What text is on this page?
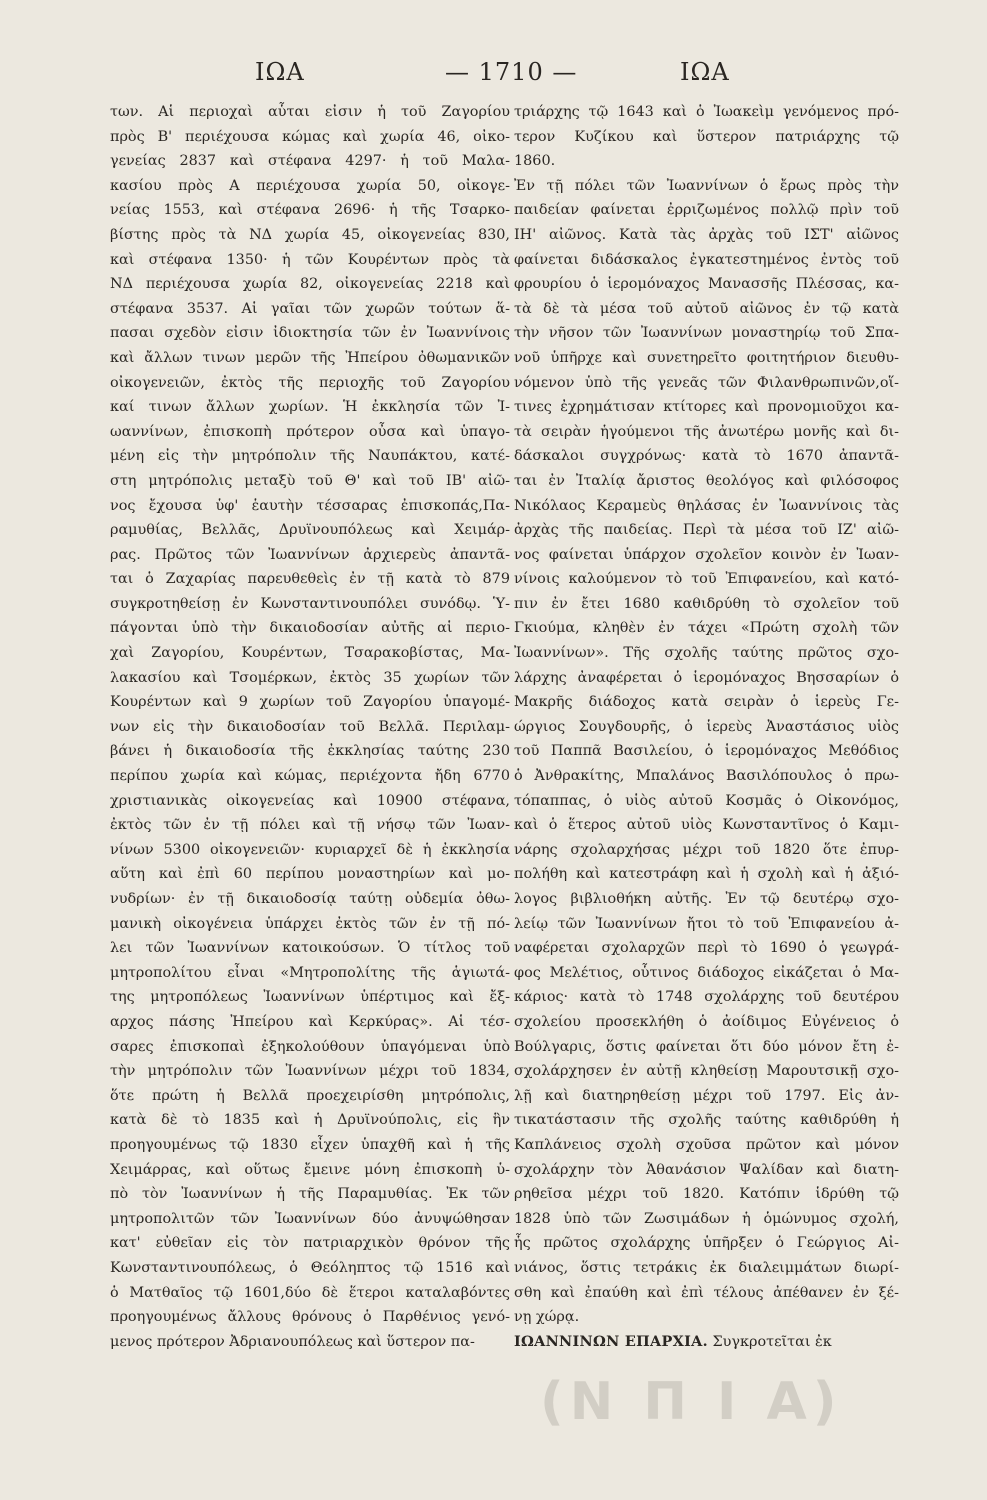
ΙΩΑ	— 1710 —	ΙΩΑ
των. Αἱ περιοχαὶ αὗται εἰσιν ἡ τοῦ Ζαγορίου
πρὸς Β' περιέχουσα κώμας καὶ χωρία 46, οἰκο-
γενείας 2837 καὶ στέφανα 4297· ἡ τοῦ Μαλα-
κασίου πρὸς Α περιέχουσα χωρία 50, οἰκογε-
νείας 1553, καὶ στέφανα 2696· ἡ τῆς Τσαρκο-
βίστης πρὸς τὰ ΝΔ χωρία 45, οἰκογενείας 830,
καὶ στέφανα 1350· ἡ τῶν Κουρέντων πρὸς τὰ
ΝΔ περιέχουσα χωρία 82, οἰκογενείας 2218 καὶ
στέφανα 3537. Αἱ γαῖαι τῶν χωρῶν τούτων ἅ-
πασαι σχεδὸν εἰσιν ἰδιοκτησία τῶν ἐν Ἰωαννίνοις
καὶ ἄλλων τινων μερῶν τῆς Ἠπείρου ὀθωμανικῶν
οἰκογενειῶν, ἐκτὸς τῆς περιοχῆς τοῦ Ζαγορίου
καί τινων ἄλλων χωρίων. Ἡ ἐκκλησία τῶν Ἰ-
ωαννίνων, ἐπισκοπὴ πρότερον οὖσα καὶ ὑπαγο-
μένη εἰς τὴν μητρόπολιν τῆς Ναυπάκτου, κατέ-
στη μητρόπολις μεταξὺ τοῦ Θ' καὶ τοῦ ΙΒ' αἰῶ-
νος ἔχουσα ὑφ' ἑαυτὴν τέσσαρας ἐπισκοπάς,Πα-
ραμυθίας, Βελλᾶς, Δρυϊνουπόλεως καὶ Χειμάρ-
ρας. Πρῶτος τῶν Ἰωαννίνων ἀρχιερεὺς ἀπαντᾶ-
ται ὁ Ζαχαρίας παρευθεθεὶς ἐν τῇ κατὰ τὸ 879
συγκροτηθείσῃ ἐν Κωνσταντινουπόλει συνόδῳ. Ὑ-
πάγονται ὑπὸ τὴν δικαιοδοσίαν αὐτῆς αἱ περιο-
χαὶ Ζαγορίου, Κουρέντων, Τσαρακοβίστας, Μα-
λακασίου καὶ Τσομέρκων, ἐκτὸς 35 χωρίων τῶν
Κουρέντων καὶ 9 χωρίων τοῦ Ζαγορίου ὑπαγομέ-
νων εἰς τὴν δικαιοδοσίαν τοῦ Βελλᾶ. Περιλαμ-
βάνει ἡ δικαιοδοσία τῆς ἐκκλησίας ταύτης 230
περίπου χωρία καὶ κώμας, περιέχοντα ἤδη 6770
χριστιανικὰς οἰκογενείας καὶ 10900 στέφανα,
ἐκτὸς τῶν ἐν τῇ πόλει καὶ τῇ νήσῳ τῶν Ἰωαν-
νίνων 5300 οἰκογενειῶν· κυριαρχεῖ δὲ ἡ ἐκκλησία
αὕτη καὶ ἐπὶ 60 περίπου μοναστηρίων καὶ μο-
νυδρίων· ἐν τῇ δικαιοδοσίᾳ ταύτῃ οὐδεμία ὀθω-
μανικὴ οἰκογένεια ὑπάρχει ἐκτὸς τῶν ἐν τῇ πό-
λει τῶν Ἰωαννίνων κατοικούσων. Ὁ τίτλος τοῦ
μητροπολίτου εἶναι «Μητροπολίτης τῆς ἁγιωτά-
της μητροπόλεως Ἰωαννίνων ὑπέρτιμος καὶ ἔξ-
αρχος πάσης Ἠπείρου καὶ Κερκύρας». Αἱ τέσ-
σαρες ἐπισκοπαὶ ἐξηκολούθουν ὑπαγόμεναι ὑπὸ
τὴν μητρόπολιν τῶν Ἰωαννίνων μέχρι τοῦ 1834,
ὅτε πρώτη ἡ Βελλᾶ προεχειρίσθη μητρόπολις,
κατὰ δὲ τὸ 1835 καὶ ἡ Δρυϊνούπολις, εἰς ἣν
προηγουμένως τῷ 1830 εἶχεν ὑπαχθῆ καὶ ἡ τῆς
Χειμάρρας, καὶ οὕτως ἔμεινε μόνη ἐπισκοπὴ ὑ-
πὸ τὸν Ἰωαννίνων ἡ τῆς Παραμυθίας. Ἐκ τῶν
μητροπολιτῶν τῶν Ἰωαννίνων δύο ἀνυψώθησαν
κατ' εὐθεῖαν εἰς τὸν πατριαρχικὸν θρόνον τῆς
Κωνσταντινουπόλεως, ὁ Θεόληπτος τῷ 1516 καὶ
ὁ Ματθαῖος τῷ 1601,δύο δὲ ἕτεροι καταλαβόντες
προηγουμένως ἄλλους θρόνους ὁ Παρθένιος γενό-
μενος πρότερον Ἀδριανουπόλεως καὶ ὕστερον πα-
τριάρχης τῷ 1643 καὶ ὁ Ἰωακεὶμ γενόμενος πρό-
τερον Κυζίκου καὶ ὕστερον πατριάρχης τῷ
1860.
Ἐν τῇ πόλει τῶν Ἰωαννίνων ὁ ἔρως πρὸς τὴν
παιδείαν φαίνεται ἐρριζωμένος πολλῷ πρὶν τοῦ
ΙΗ' αἰῶνος. Κατὰ τὰς ἀρχὰς τοῦ ΙΣΤ' αἰῶνος
φαίνεται διδάσκαλος ἐγκατεστημένος ἐντὸς τοῦ
φρουρίου ὁ ἱερομόναχος Μανασσῆς Πλέσσας, κα-
τὰ δὲ τὰ μέσα τοῦ αὐτοῦ αἰῶνος ἐν τῷ κατὰ
τὴν νῆσον τῶν Ἰωαννίνων μοναστηρίῳ τοῦ Σπα-
νοῦ ὑπῆρχε καὶ συνετηρεῖτο φοιτητήριον διευθυ-
νόμενον ὑπὸ τῆς γενεᾶς τῶν Φιλανθρωπινῶν,οἵ-
τινες ἐχρημάτισαν κτίτορες καὶ προνομιοῦχοι κα-
τὰ σειρὰν ἡγούμενοι τῆς ἀνωτέρω μονῆς καὶ δι-
δάσκαλοι συγχρόνως· κατὰ τὸ 1670 ἀπαντᾶ-
ται ἐν Ἰταλίᾳ ἄριστος θεολόγος καὶ φιλόσοφος
Νικόλαος Κεραμεὺς θηλάσας ἐν Ἰωαννίνοις τὰς
ἀρχὰς τῆς παιδείας. Περὶ τὰ μέσα τοῦ ΙΖ' αἰῶ-
νος φαίνεται ὑπάρχον σχολεῖον κοινὸν ἐν Ἰωαν-
νίνοις καλούμενον τὸ τοῦ Ἐπιφανείου, καὶ κατό-
πιν ἐν ἔτει 1680 καθιδρύθη τὸ σχολεῖον τοῦ
Γκιούμα, κληθὲν ἐν τάχει «Πρώτη σχολὴ τῶν
Ἰωαννίνων». Τῆς σχολῆς ταύτης πρῶτος σχο-
λάρχης ἀναφέρεται ὁ ἱερομόναχος Βησσαρίων ὁ
Μακρῆς διάδοχος κατὰ σειρὰν ὁ ἱερεὺς Γε-
ώργιος Σουγδουρῆς, ὁ ἱερεὺς Ἀναστάσιος υἱὸς
τοῦ Παππᾶ Βασιλείου, ὁ ἱερομόναχος Μεθόδιος
ὁ Ἀνθρακίτης, Μπαλάνος Βασιλόπουλος ὁ πρω-
τόπαππας, ὁ υἱὸς αὐτοῦ Κοσμᾶς ὁ Οἰκονόμος,
καὶ ὁ ἕτερος αὐτοῦ υἱὸς Κωνσταντῖνος ὁ Καμι-
νάρης σχολαρχήσας μέχρι τοῦ 1820 ὅτε ἐπυρ-
πολήθη καὶ κατεστράφη καὶ ἡ σχολὴ καὶ ἡ ἀξιό-
λογος βιβλιοθήκη αὐτῆς. Ἐν τῷ δευτέρῳ σχο-
λείῳ τῶν Ἰωαννίνων ἤτοι τὸ τοῦ Ἐπιφανείου ἀ-
ναφέρεται σχολαρχῶν περὶ τὸ 1690 ὁ γεωγρά-
φος Μελέτιος, οὗτινος διάδοχος εἰκάζεται ὁ Μα-
κάριος· κατὰ τὸ 1748 σχολάρχης τοῦ δευτέρου
σχολείου προσεκλήθη ὁ ἀοίδιμος Εὐγένειος ὁ
Βούλγαρις, ὅστις φαίνεται ὅτι δύο μόνον ἔτη ἐ-
σχολάρχησεν ἐν αὐτῇ κληθείσῃ Μαρουτσικῇ σχο-
λῇ καὶ διατηρηθείσῃ μέχρι τοῦ 1797. Εἰς ἀν-
τικατάστασιν τῆς σχολῆς ταύτης καθιδρύθη ἡ
Καπλάνειος σχολὴ σχοῦσα πρῶτον καὶ μόνον
σχολάρχην τὸν Ἀθανάσιον Ψαλίδαν καὶ διατη-
ρηθεῖσα μέχρι τοῦ 1820. Κατόπιν ἱδρύθη τῷ
1828 ὑπὸ τῶν Ζωσιμάδων ἡ ὁμώνυμος σχολή,
ἧς πρῶτος σχολάρχης ὑπῆρξεν ὁ Γεώργιος Αἰ-
νιάνος, ὅστις τετράκις ἐκ διαλειμμάτων διωρί-
σθη καὶ ἐπαύθη καὶ ἐπὶ τέλους ἀπέθανεν ἐν ξέ-
νῃ χώρᾳ.
ΙΩΑΝΝΙΝΩΝ ΕΠΑΡΧΙΑ. Συγκροτεῖται ἐκ
(Ν Π Ι Α)
